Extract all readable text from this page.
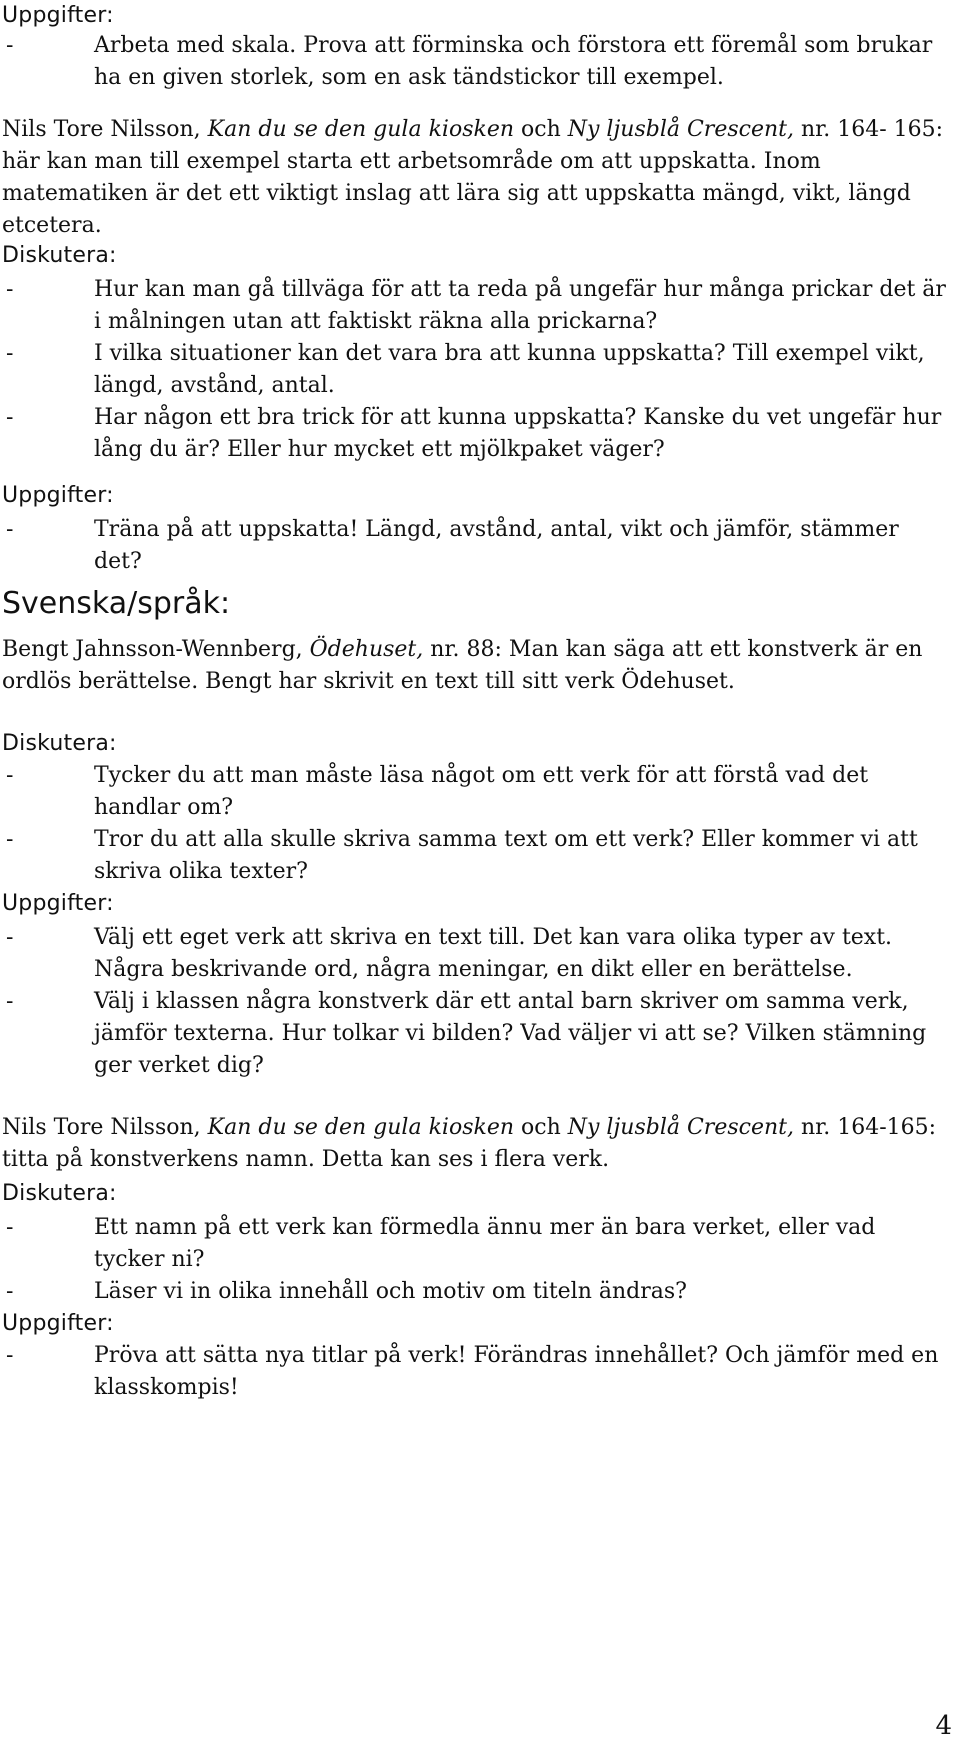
Uppgifter:

- Arbeta med skala. Prova att förminska och förstora ett föremål som brukar ha en given storlek, som en ask tändstickor till exempel.

Nils Tore Nilsson, Kan du se den gula kiosken och Ny ljusblå Crescent, nr. 164- 165: här kan man till exempel starta ett arbetsområde om att uppskatta. Inom matematiken är det ett viktigt inslag att lära sig att uppskatta mängd, vikt, längd etcetera.

Diskutera:

- Hur kan man gå tillväga för att ta reda på ungefär hur många prickar det är i målningen utan att faktiskt räkna alla prickarna?
- I vilka situationer kan det vara bra att kunna uppskatta? Till exempel vikt, längd, avstånd, antal.
- Har någon ett bra trick för att kunna uppskatta? Kanske du vet ungefär hur lång du är? Eller hur mycket ett mjölkpaket väger?

Uppgifter:

- Träna på att uppskatta! Längd, avstånd, antal, vikt och jämför, stämmer det?
Svenska/språk:

Bengt Jahnsson-Wennberg, Ödehuset, nr. 88: Man kan säga att ett konstverk är en ordlös berättelse. Bengt har skrivit en text till sitt verk Ödehuset.

Diskutera:

- Tycker du att man måste läsa något om ett verk för att förstå vad det handlar om?
- Tror du att alla skulle skriva samma text om ett verk? Eller kommer vi att skriva olika texter?

Uppgifter:

- Välj ett eget verk att skriva en text till. Det kan vara olika typer av text. Några beskrivande ord, några meningar, en dikt eller en berättelse.
- Välj i klassen några konstverk där ett antal barn skriver om samma verk, jämför texterna. Hur tolkar vi bilden? Vad väljer vi att se? Vilken stämning ger verket dig?

Nils Tore Nilsson, Kan du se den gula kiosken och Ny ljusblå Crescent, nr. 164-165: titta på konstverkens namn. Detta kan ses i flera verk.

Diskutera:

- Ett namn på ett verk kan förmedla ännu mer än bara verket, eller vad tycker ni?
- Läser vi in olika innehåll och motiv om titeln ändras?

Uppgifter:

- Pröva att sätta nya titlar på verk! Förändras innehållet? Och jämför med en klasskompis!
4
